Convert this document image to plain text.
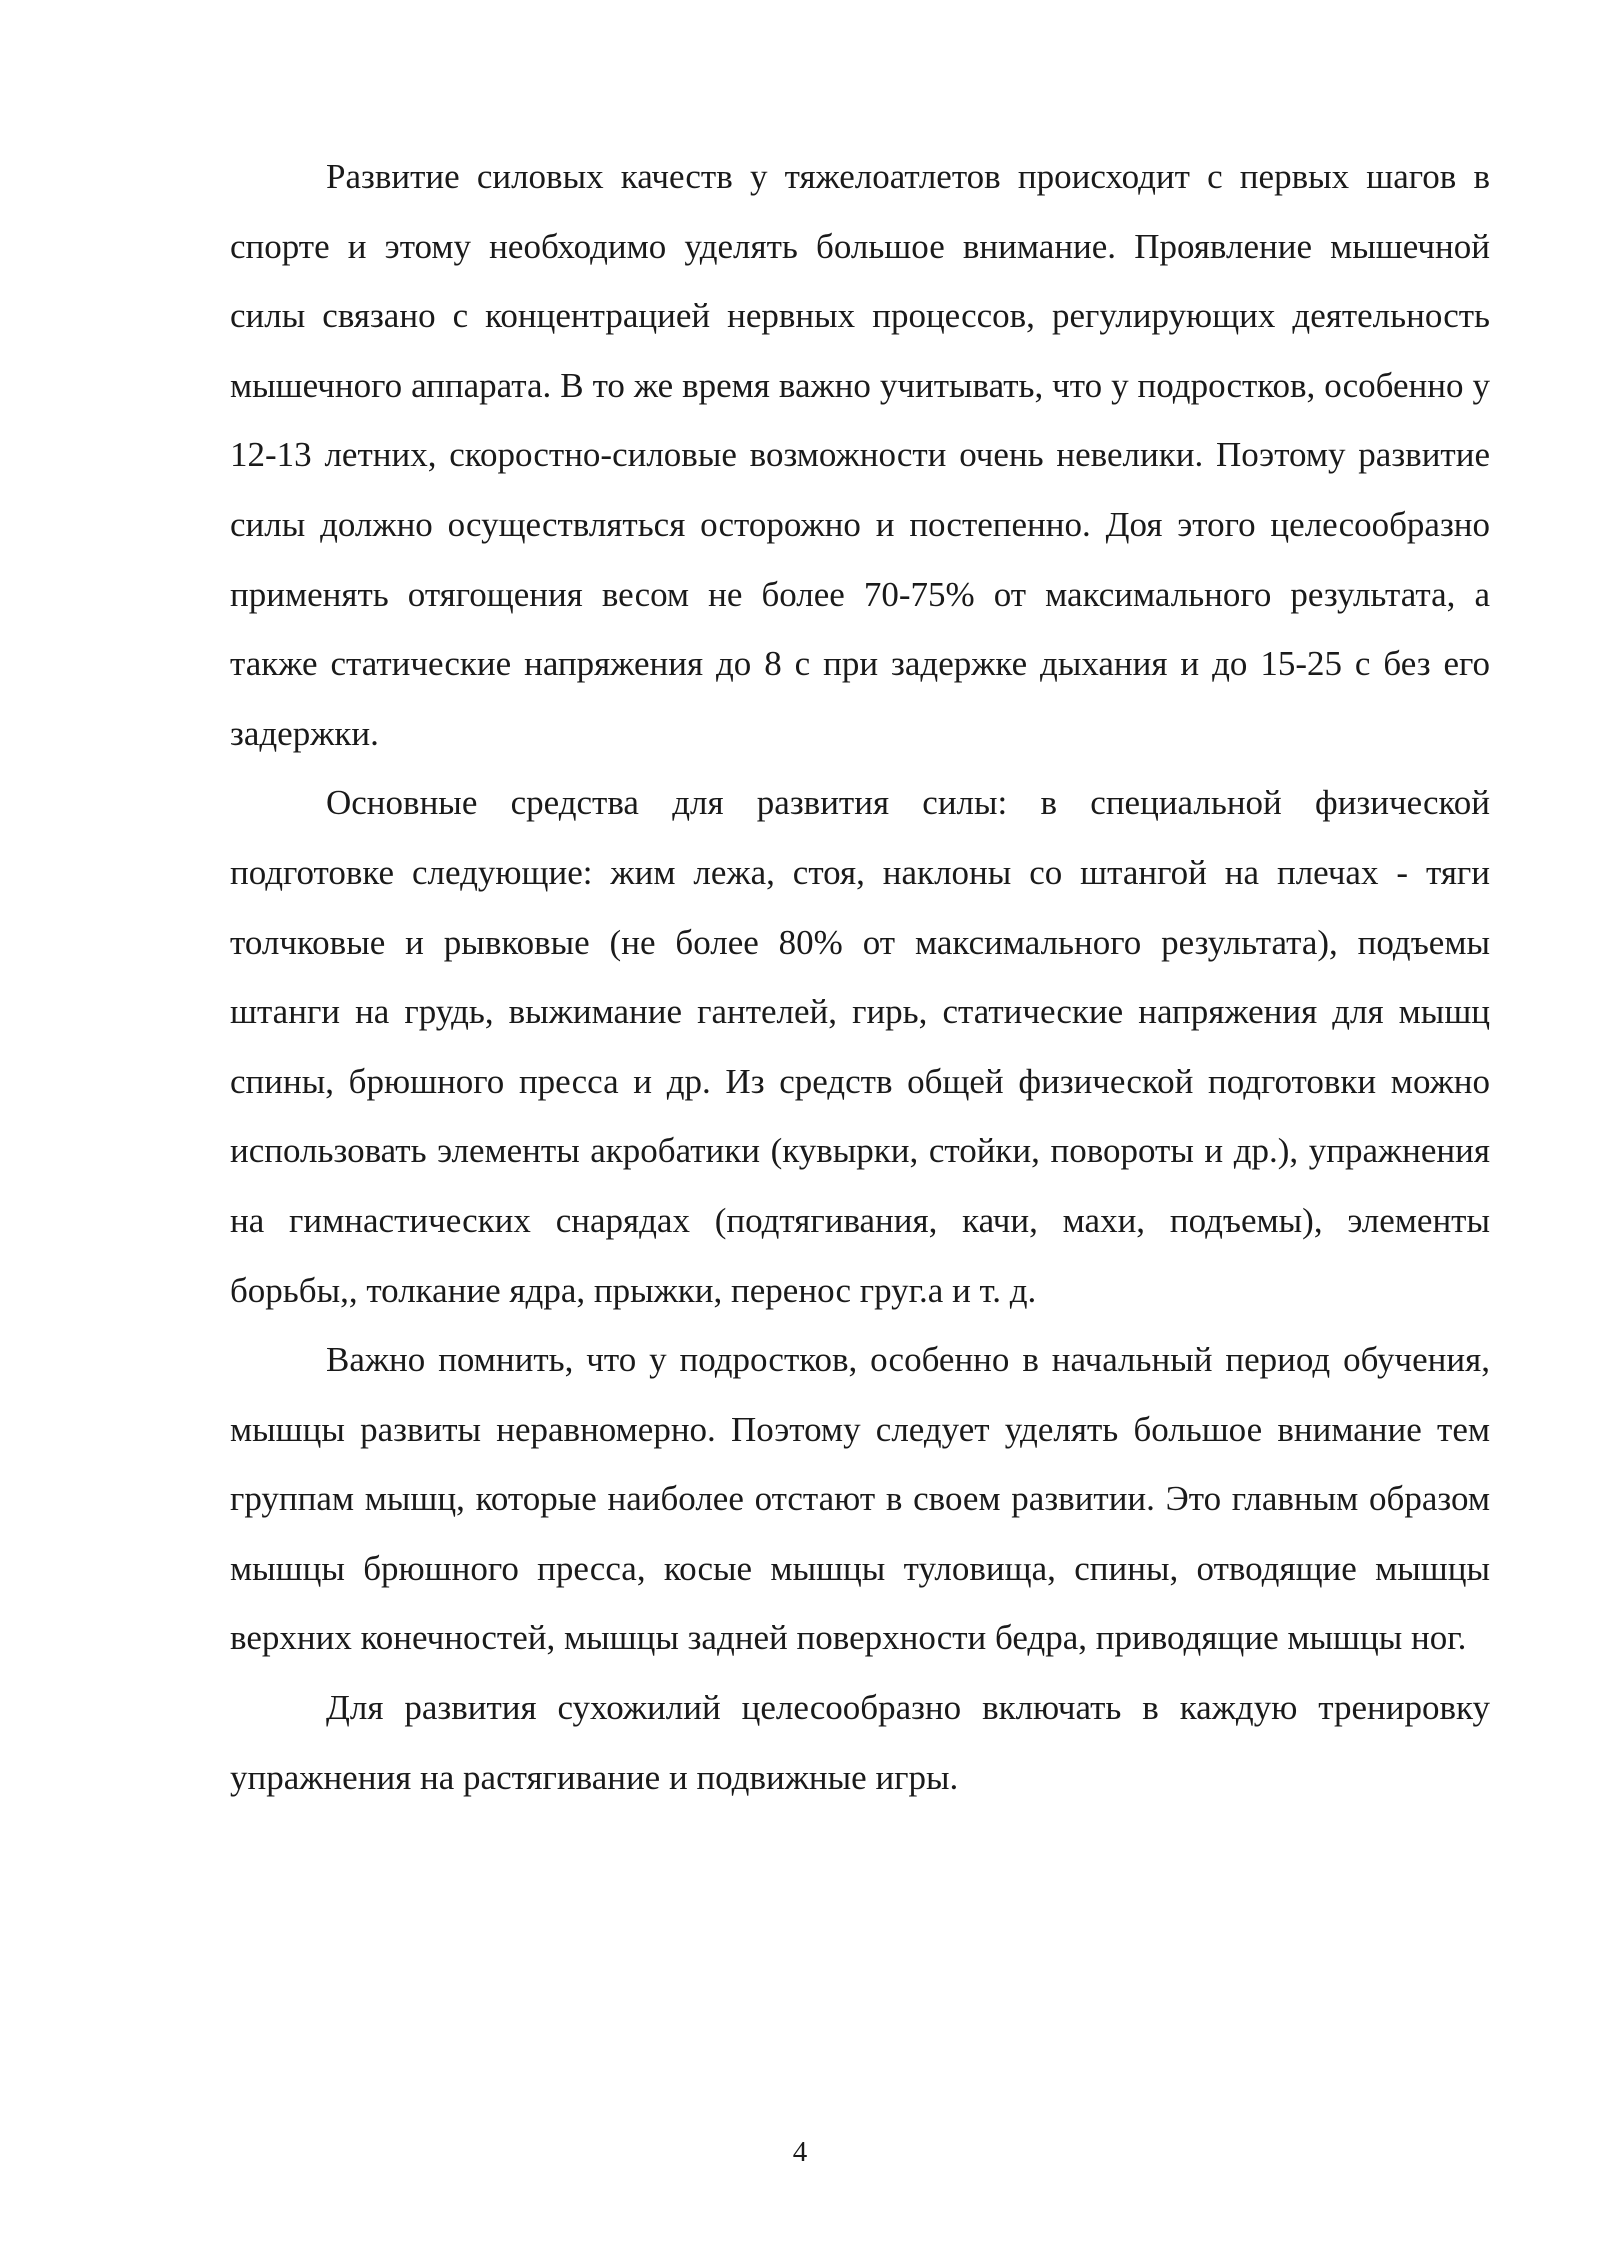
Развитие силовых качеств у тяжелоатлетов происходит с первых шагов в спорте и этому необходимо уделять большое внимание. Проявление мышечной силы связано с концентрацией нервных процессов, регулирующих деятельность мышечного аппарата. В то же время важно учитывать, что у подростков, особенно у 12-13 летних, скоростно-силовые возможности очень невелики. Поэтому развитие силы должно осуществляться осторожно и постепенно. Доя этого целесообразно применять отягощения весом не более 70-75% от максимального результата, а также статические напряжения до 8 с при задержке дыхания и до 15-25 с без его задержки.

Основные средства для развития силы: в специальной физической подготовке следующие: жим лежа, стоя, наклоны со штангой на плечах - тяги толчковые и рывковые (не более 80% от максимального результата), подъемы штанги на грудь, выжимание гантелей, гирь, статические напряжения для мышц спины, брюшного пресса и др. Из средств общей физической подготовки можно использовать элементы акробатики (кувырки, стойки, повороты и др.), упражнения на гимнастических снарядах (подтягивания, качи, махи, подъемы), элементы борьбы,, толкание ядра, прыжки, перенос груг.а и т. д.

Важно помнить, что у подростков, особенно в начальный период обучения, мышцы развиты неравномерно. Поэтому следует уделять большое внимание тем группам мышц, которые наиболее отстают в своем развитии. Это главным образом мышцы брюшного пресса, косые мышцы туловища, спины, отводящие мышцы верхних конечностей, мышцы задней поверхности бедра, приводящие мышцы ног.

Для развития сухожилий целесообразно включать в каждую тренировку упражнения на растягивание и подвижные игры.

4
